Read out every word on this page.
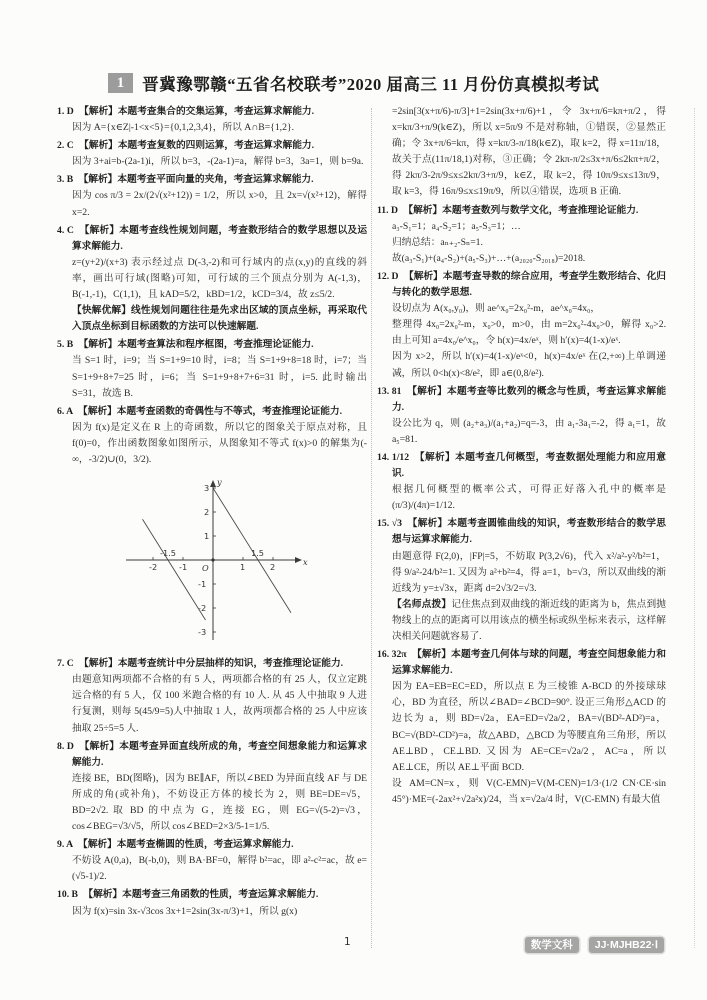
1 晋冀豫鄂赣“五省名校联考”2020 届高三 11 月份仿真模拟考试

1. D 【解析】本题考查集合的交集运算，考查运算求解能力.

因为 A={x∈Z|-1<x<5}={0,1,2,3,4}，所以 A∩B={1,2}.

2. C 【解析】本题考查复数的四则运算，考查运算求解能力.

因为 3+ai=b-(2a-1)i，所以 b=3，-(2a-1)=a，解得 b=3，3a=1，则 b=9a.

3. B 【解析】本题考查平面向量的夹角，考查运算求解能力.

因为 cos π/3 = 2x/(2√(x²+12)) = 1/2，所以 x>0，且 2x=√(x²+12)，解得 x=2.

4. C 【解析】本题考查线性规划问题，考查数形结合的数学思想以及运算求解能力.

z=(y+2)/(x+3) 表示经过点 D(-3,-2)和可行域内的点(x,y)的直线的斜率，画出可行域(图略)可知，可行域的三个顶点分别为 A(-1,3)，B(-1,-1)，C(1,1)，且 kAD=5/2，kBD=1/2，kCD=3/4，故 z≤5/2.

【快解优解】线性规划问题往往是先求出区域的顶点坐标，再采取代入顶点坐标到目标函数的方法可以快速解题.

5. B 【解析】本题考查算法和程序框图，考查推理论证能力.

当 S=1 时，i=9；当 S=1+9=10 时，i=8；当 S=1+9+8=18 时，i=7；当 S=1+9+8+7=25 时，i=6；当 S=1+9+8+7+6=31 时，i=5. 此时输出 S=31，故选 B.

6. A 【解析】本题考查函数的奇偶性与不等式，考查推理论证能力.

因为 f(x)是定义在 R 上的奇函数，所以它的图象关于原点对称，且 f(0)=0，作出函数图象如图所示，从图象知不等式 f(x)>0 的解集为(-∞，-3/2)∪(0，3/2).

-2	-1	1	2
-1.5	1.5
1
2
3
-1
-2
-3
O
x
y

7. C 【解析】本题考查统计中分层抽样的知识，考查推理论证能力.

由题意知两项都不合格的有 5 人，两项都合格的有 25 人，仅立定跳远合格的有 5 人，仅 100 米跑合格的有 10 人. 从 45 人中抽取 9 人进行复测，则每 5(45/9=5)人中抽取 1 人，故两项都合格的 25 人中应该抽取 25÷5=5 人.

8. D 【解析】本题考查异面直线所成的角，考查空间想象能力和运算求解能力.

连接 BE，BD(图略)，因为 BE∥AF，所以∠BED 为异面直线 AF 与 DE 所成的角(或补角)，不妨设正方体的棱长为 2，则 BE=DE=√5，BD=2√2. 取 BD 的中点为 G，连接 EG，则 EG=√(5-2)=√3，cos∠BEG=√3/√5，所以 cos∠BED=2×3/5-1=1/5.

9. A 【解析】本题考查椭圆的性质，考查运算求解能力.

不妨设 A(0,a)，B(-b,0)，则 BA·BF=0，解得 b²=ac，即 a²-c²=ac，故 e=(√5-1)/2.

10. B 【解析】本题考查三角函数的性质，考查运算求解能力.

因为 f(x)=sin 3x-√3cos 3x+1=2sin(3x-π/3)+1，所以 g(x)

=2sin[3(x+π/6)-π/3]+1=2sin(3x+π/6)+1，令 3x+π/6=kπ+π/2，得 x=kπ/3+π/9(k∈Z)，所以 x=5π/9 不是对称轴，①错误，②显然正确；令 3x+π/6=kπ，得 x=kπ/3-π/18(k∈Z)，取 k=2，得 x=11π/18，故关于点(11π/18,1)对称，③正确；令 2kπ-π/2≤3x+π/6≤2kπ+π/2，得 2kπ/3-2π/9≤x≤2kπ/3+π/9，k∈Z，取 k=2，得 10π/9≤x≤13π/9，取 k=3，得 16π/9≤x≤19π/9，所以④错误，选项 B 正确.

11. D 【解析】本题考查数列与数学文化，考查推理论证能力.

a₃-S₁=1；a₄-S₂=1；a₅-S₃=1；…

归纳总结：aₙ₊₂-Sₙ=1.

故(a₃-S₁)+(a₄-S₂)+(a₅-S₃)+…+(a₂₀₂₀-S₂₀₁₈)=2018.

12. D 【解析】本题考查导数的综合应用，考查学生数形结合、化归与转化的数学思想.

设切点为 A(x₀,y₀)，则 ae^x₀=2x₀²-m，ae^x₀=4x₀，

整理得 4x₀=2x₀²-m，x₀>0，m>0，由 m=2x₀²-4x₀>0，解得 x₀>2. 由上可知 a=4x₀/e^x₀，令 h(x)=4x/eˣ，则 h′(x)=4(1-x)/eˣ.

因为 x>2，所以 h′(x)=4(1-x)/eˣ<0，h(x)=4x/eˣ 在(2,+∞)上单调递减，所以 0<h(x)<8/e²，即 a∈(0,8/e²).

13. 81 【解析】本题考查等比数列的概念与性质，考查运算求解能力.

设公比为 q，则 (a₂+a₃)/(a₁+a₂)=q=-3，由 a₁-3a₁=-2，得 a₁=1，故 a₅=81.

14. 1/12 【解析】本题考查几何概型，考查数据处理能力和应用意识.

根据几何概型的概率公式，可得正好落入孔中的概率是 (π/3)/(4π)=1/12.

15. √3 【解析】本题考查圆锥曲线的知识，考查数形结合的数学思想与运算求解能力.

由题意得 F(2,0)，|FP|=5，不妨取 P(3,2√6)，代入 x²/a²-y²/b²=1，得 9/a²-24/b²=1. 又因为 a²+b²=4，得 a=1，b=√3，所以双曲线的渐近线为 y=±√3x，距离 d=2√3/2=√3.

【名师点拨】记住焦点到双曲线的渐近线的距离为 b，焦点到抛物线上的点的距离可以用该点的横坐标或纵坐标来表示，这样解决相关问题就容易了.

16. 32π 【解析】本题考查几何体与球的问题，考查空间想象能力和运算求解能力.

因为 EA=EB=EC=ED，所以点 E 为三棱锥 A-BCD 的外接球球心，BD 为直径，所以∠BAD=∠BCD=90°. 设正三角形△ACD 的边长为 a，则 BD=√2a，EA=ED=√2a/2，BA=√(BD²-AD²)=a，BC=√(BD²-CD²)=a，故△ABD，△BCD 为等腰直角三角形，所以 AE⊥BD，CE⊥BD. 又因为 AE=CE=√2a/2，AC=a，所以 AE⊥CE，所以 AE⊥平面 BCD.

设 AM=CN=x，则 V(C-EMN)=V(M-CEN)=1/3·(1/2 CN·CE·sin 45°)·ME=(-2ax²+√2a²x)/24，当 x=√2a/4 时，V(C-EMN) 有最大值

1	数学文科 JJ·MJHB22·Ⅰ
